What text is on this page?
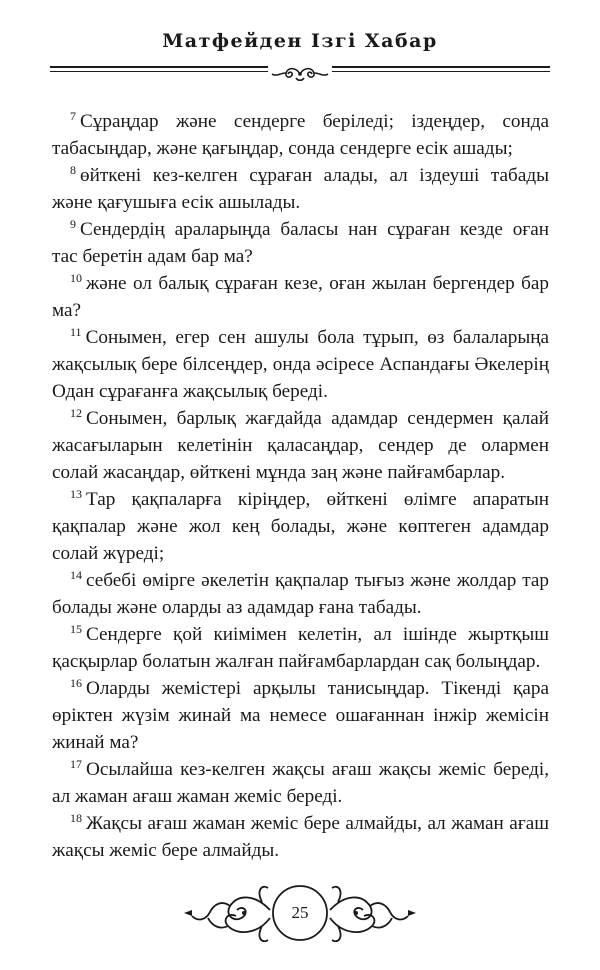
Матфейден Ізгі Хабар

$^7$ Сұраңдар және сендерге беріледі; іздеңдер, сонда табасыңдар, және қағыңдар, сонда сендерге есік ашады;

$^8$ өйткені кез-келген сұраған алады, ал іздеуші табады және қағушыға есік ашылады.

$^9$ Сендердің араларыңда баласы нан сұраған кезде оған тас беретін адам бар ма?

$^{10}$ және ол балық сұраған кезе, оған жылан бергендер бар ма?

$^{11}$ Сонымен, егер сен ашулы бола тұрып, өз балаларыңа жақсылық бере білсеңдер, онда әсіресе Аспандағы Әкелерің Одан сұрағанға жақсылық береді.

$^{12}$ Сонымен, барлық жағдайда адамдар сендермен қалай жасағыларын келетінін қаласаңдар, сендер де олармен солай жасаңдар, өйткені мұнда заң және пайғамбарлар.

$^{13}$ Тар қақпаларға кіріңдер, өйткені өлімге апаратын қақпалар және жол кең болады, және көптеген адамдар солай жүреді;

$^{14}$ себебі өмірге әкелетін қақпалар тығыз және жолдар тар болады және оларды аз адамдар ғана табады.

$^{15}$ Сендерге қой киімімен келетін, ал ішінде жыртқыш қасқырлар болатын жалған пайғамбарлардан сақ болыңдар.

$^{16}$ Оларды жемістері арқылы танисыңдар. Тікенді қара өріктен жүзім жинай ма немесе ошағаннан інжір жемісін жинай ма?

$^{17}$ Осылайша кез-келген жақсы ағаш жақсы жеміс береді, ал жаман ағаш жаман жеміс береді.

$^{18}$ Жақсы ағаш жаман жеміс бере алмайды, ал жаман ағаш жақсы жеміс бере алмайды.

25
